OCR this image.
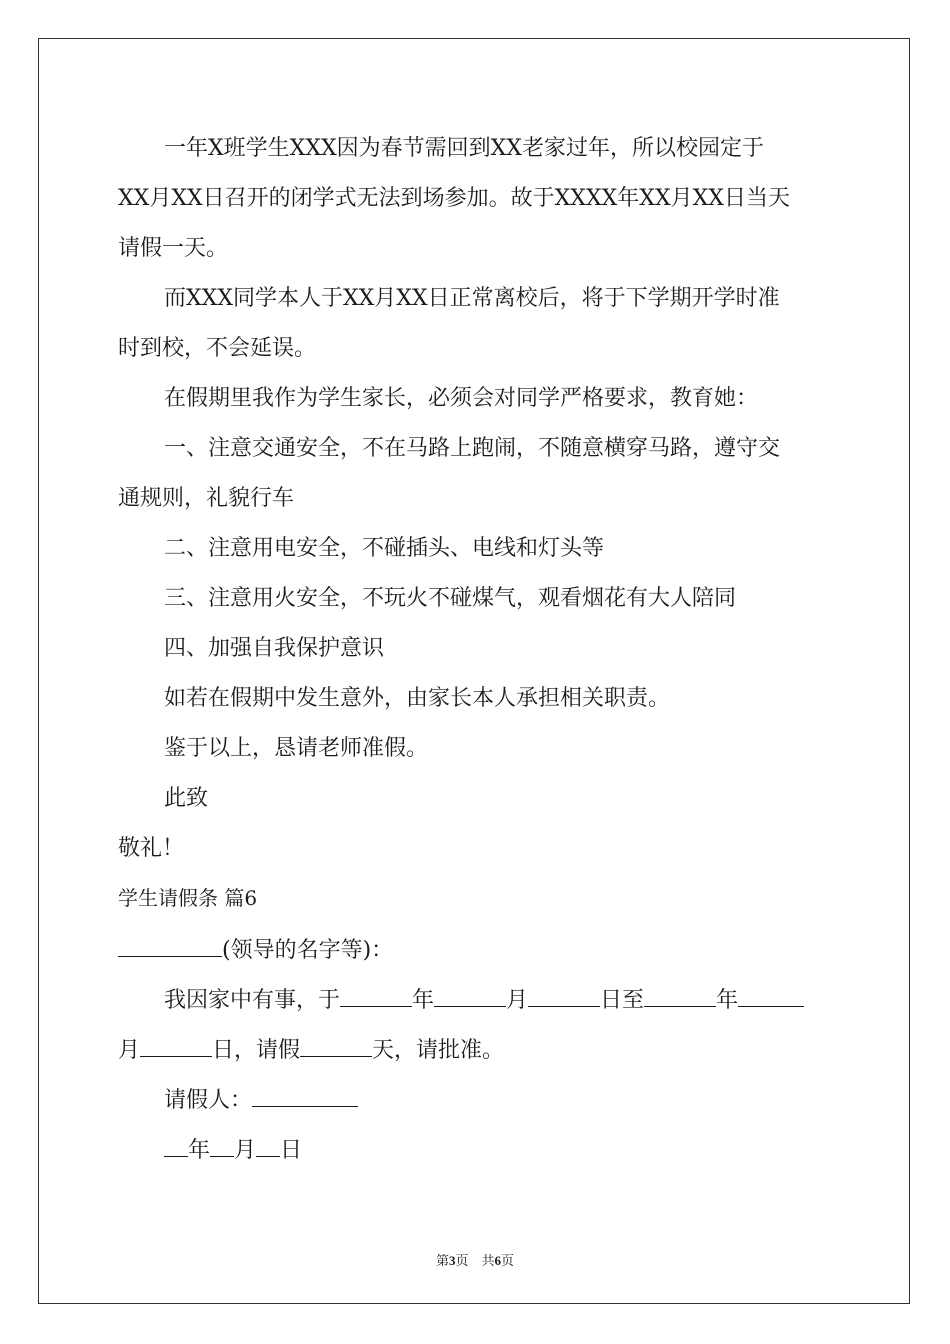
一年X班学生XXX因为春节需回到XX老家过年，所以校园定于
XX月XX日召开的闭学式无法到场参加。故于XXXX年XX月XX日当天
请假一天。
而XXX同学本人于XX月XX日正常离校后，将于下学期开学时准
时到校，不会延误。
在假期里我作为学生家长，必须会对同学严格要求，教育她：
一、注意交通安全，不在马路上跑闹，不随意横穿马路，遵守交
通规则，礼貌行车
二、注意用电安全，不碰插头、电线和灯头等
三、注意用火安全，不玩火不碰煤气，观看烟花有大人陪同
四、加强自我保护意识
如若在假期中发生意外，由家长本人承担相关职责。
鉴于以上，恳请老师准假。
此致
敬礼！
学生请假条 篇6
(领导的名字等)：
我因家中有事，于	年	月	日至	年
月	日，请假	天，请批准。
请假人：
年 月 日
第3页　共6页
